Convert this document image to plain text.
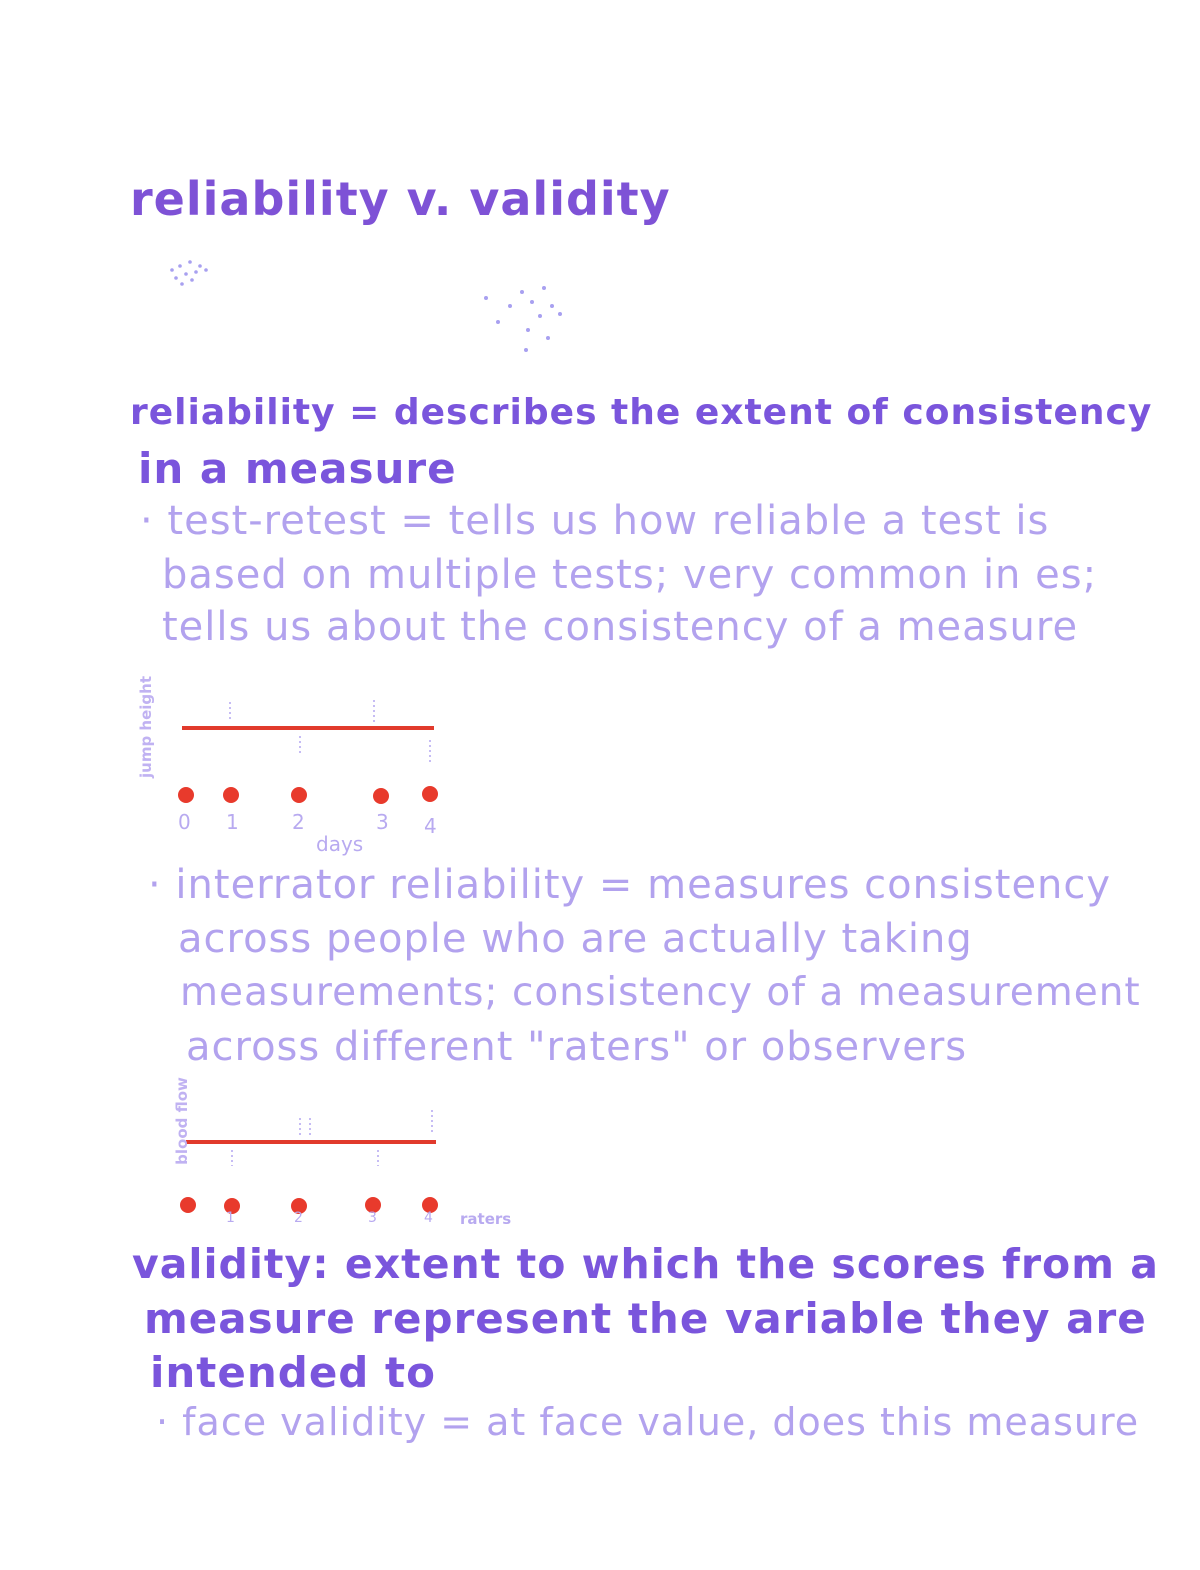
reliability v. validity
reliability = describes the extent of consistency
in a measure
· test-retest = tells us how reliable a test is
based on multiple tests; very common in es;
tells us about the consistency of a measure
jump height
0 1	2	3 4
days
· interrator reliability = measures consistency
across people who are actually taking
measurements; consistency of a measurement
across different "raters" or observers
blood flow
1	2	3	4 raters
validity: extent to which the scores from a
measure represent the variable they are
intended to
· face validity = at face value, does this measure
